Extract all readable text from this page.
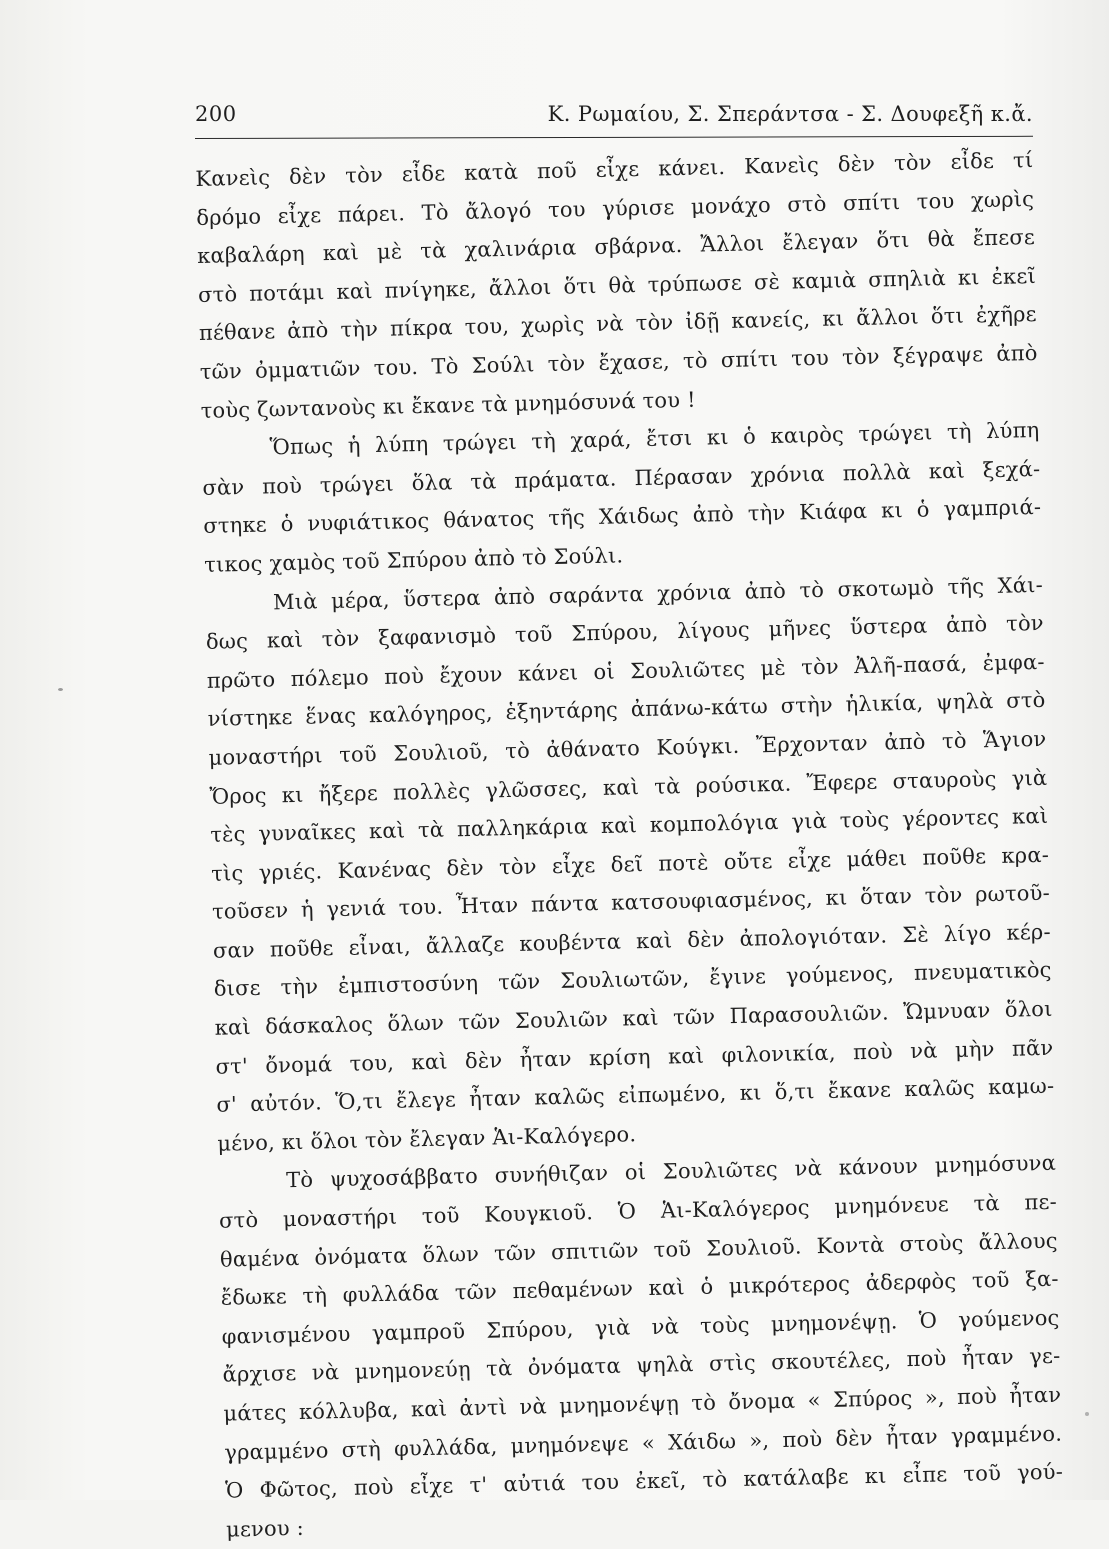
200	Κ. Ρωμαίου, Σ. Σπεράντσα - Σ. Δουφεξῆ κ.ἄ.
Κανεὶς δὲν τὸν εἶδε κατὰ ποῦ εἶχε κάνει. Κανεὶς δὲν τὸν εἶδε τί
δρόμο εἶχε πάρει. Τὸ ἄλογό του γύρισε μονάχο στὸ σπίτι του χωρὶς
καβαλάρη καὶ μὲ τὰ χαλινάρια σβάρνα. Ἄλλοι ἔλεγαν ὅτι θὰ ἔπεσε
στὸ ποτάμι καὶ πνίγηκε, ἄλλοι ὅτι θὰ τρύπωσε σὲ καμιὰ σπηλιὰ κι ἐκεῖ
πέθανε ἀπὸ τὴν πίκρα του, χωρὶς νὰ τὸν ἰδῇ κανείς, κι ἄλλοι ὅτι ἐχῆρε
τῶν ὀμματιῶν του. Τὸ Σούλι τὸν ἔχασε, τὸ σπίτι του τὸν ξέγραψε ἀπὸ
τοὺς ζωντανοὺς κι ἔκανε τὰ μνημόσυνά του !
Ὅπως ἡ λύπη τρώγει τὴ χαρά, ἔτσι κι ὁ καιρὸς τρώγει τὴ λύπη
σὰν ποὺ τρώγει ὅλα τὰ πράματα. Πέρασαν χρόνια πολλὰ καὶ ξεχά-
στηκε ὁ νυφιάτικος θάνατος τῆς Χάιδως ἀπὸ τὴν Κιάφα κι ὁ γαμπριά-
τικος χαμὸς τοῦ Σπύρου ἀπὸ τὸ Σούλι.
Μιὰ μέρα, ὕστερα ἀπὸ σαράντα χρόνια ἀπὸ τὸ σκοτωμὸ τῆς Χάι-
δως καὶ τὸν ξαφανισμὸ τοῦ Σπύρου, λίγους μῆνες ὕστερα ἀπὸ τὸν
πρῶτο πόλεμο ποὺ ἔχουν κάνει οἱ Σουλιῶτες μὲ τὸν Ἀλῆ-πασά, ἐμφα-
νίστηκε ἕνας καλόγηρος, ἑξηντάρης ἀπάνω-κάτω στὴν ἡλικία, ψηλὰ στὸ
μοναστήρι τοῦ Σουλιοῦ, τὸ ἀθάνατο Κούγκι. Ἔρχονταν ἀπὸ τὸ Ἅγιον
Ὄρος κι ἤξερε πολλὲς γλῶσσες, καὶ τὰ ρούσικα. Ἔφερε σταυροὺς γιὰ
τὲς γυναῖκες καὶ τὰ παλληκάρια καὶ κομπολόγια γιὰ τοὺς γέροντες καὶ
τὶς γριές. Κανένας δὲν τὸν εἶχε δεῖ ποτὲ οὔτε εἶχε μάθει ποῦθε κρα-
τοῦσεν ἡ γενιά του. Ἦταν πάντα κατσουφιασμένος, κι ὅταν τὸν ρωτοῦ-
σαν ποῦθε εἶναι, ἄλλαζε κουβέντα καὶ δὲν ἀπολογιόταν. Σὲ λίγο κέρ-
δισε τὴν ἐμπιστοσύνη τῶν Σουλιωτῶν, ἔγινε γούμενος, πνευματικὸς
καὶ δάσκαλος ὅλων τῶν Σουλιῶν καὶ τῶν Παρασουλιῶν. Ὤμνυαν ὅλοι
στ' ὄνομά του, καὶ δὲν ἦταν κρίση καὶ φιλονικία, ποὺ νὰ μὴν πᾶν
σ' αὐτόν. Ὅ,τι ἔλεγε ἦταν καλῶς εἰπωμένο, κι ὅ,τι ἔκανε καλῶς καμω-
μένο, κι ὅλοι τὸν ἔλεγαν Ἁι-Καλόγερο.
Τὸ ψυχοσάββατο συνήθιζαν οἱ Σουλιῶτες νὰ κάνουν μνημόσυνα
στὸ μοναστήρι τοῦ Κουγκιοῦ. Ὁ Ἁι-Καλόγερος μνημόνευε τὰ πε-
θαμένα ὀνόματα ὅλων τῶν σπιτιῶν τοῦ Σουλιοῦ. Κοντὰ στοὺς ἄλλους
ἔδωκε τὴ φυλλάδα τῶν πεθαμένων καὶ ὁ μικρότερος ἀδερφὸς τοῦ ξα-
φανισμένου γαμπροῦ Σπύρου, γιὰ νὰ τοὺς μνημονέψῃ. Ὁ γούμενος
ἄρχισε νὰ μνημονεύῃ τὰ ὀνόματα ψηλὰ στὶς σκουτέλες, ποὺ ἦταν γε-
μάτες κόλλυβα, καὶ ἀντὶ νὰ μνημονέψῃ τὸ ὄνομα « Σπύρος », ποὺ ἦταν
γραμμένο στὴ φυλλάδα, μνημόνεψε « Χάιδω », ποὺ δὲν ἦταν γραμμένο.
Ὁ Φῶτος, ποὺ εἶχε τ' αὐτιά του ἐκεῖ, τὸ κατάλαβε κι εἶπε τοῦ γού-
μενου :
